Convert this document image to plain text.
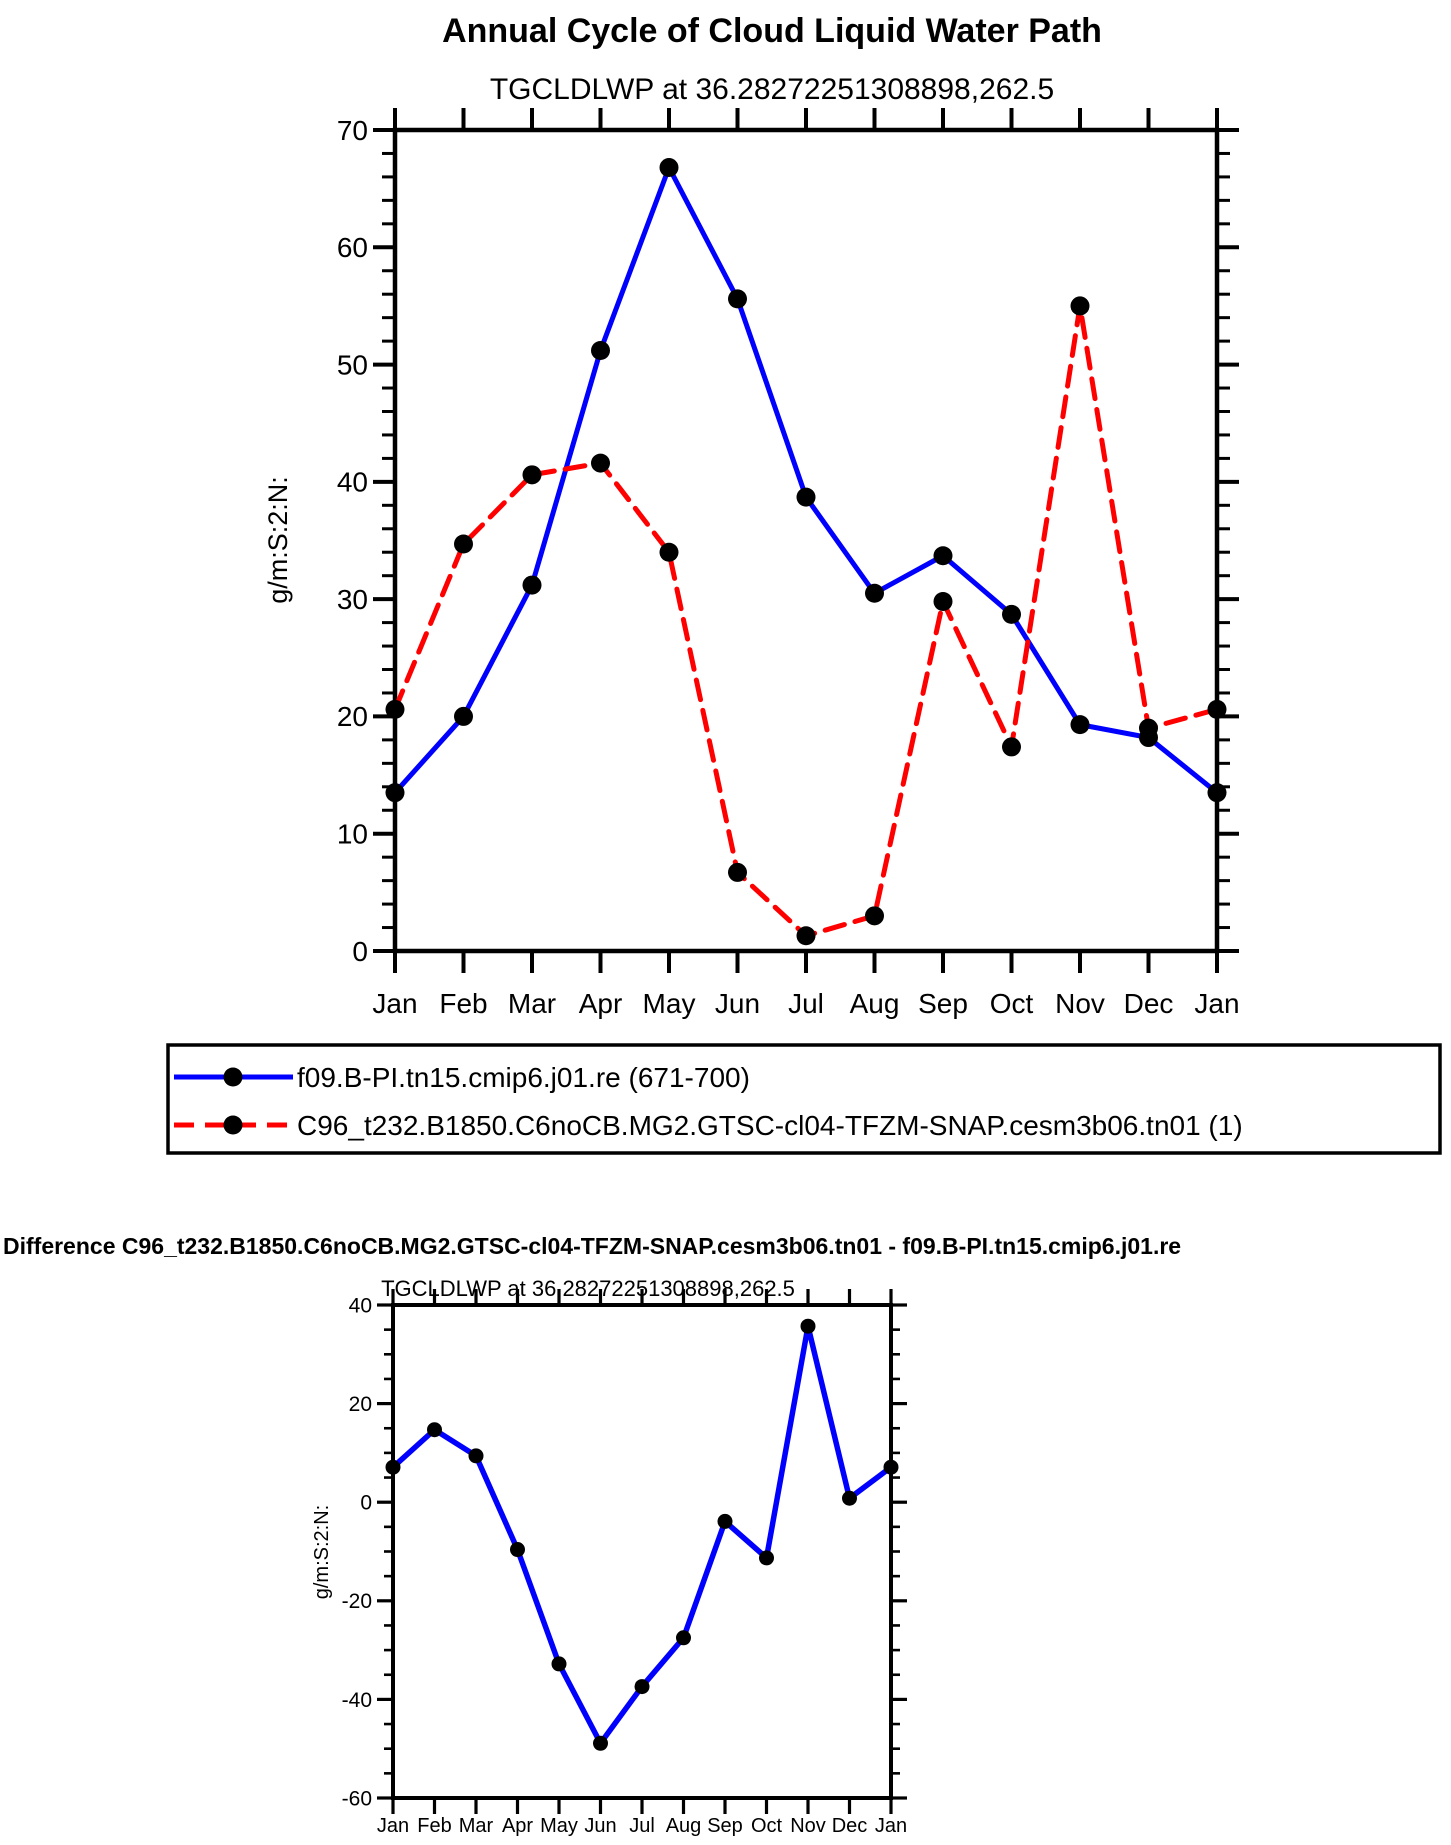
Annual Cycle of Cloud Liquid Water Path
TGCLDLWP at 36.28272251308898,262.5
g/m:S:2:N:
Jan Feb Mar Apr May Jun Jul Aug Sep Oct Nov Dec Jan
0
10
20
30
40
50
60
70
f09.B-PI.tn15.cmip6.j01.re (671-700)
C96_t232.B1850.C6noCB.MG2.GTSC-cl04-TFZM-SNAP.cesm3b06.tn01 (1)
Difference C96_t232.B1850.C6noCB.MG2.GTSC-cl04-TFZM-SNAP.cesm3b06.tn01 - f09.B-PI.tn15.cmip6.j01.re
TGCLDLWP at 36.28272251308898,262.5
g/m:S:2:N:
Jan Feb Mar Apr May Jun Jul Aug Sep Oct Nov Dec Jan
-60
-40
-20
0
20
40
